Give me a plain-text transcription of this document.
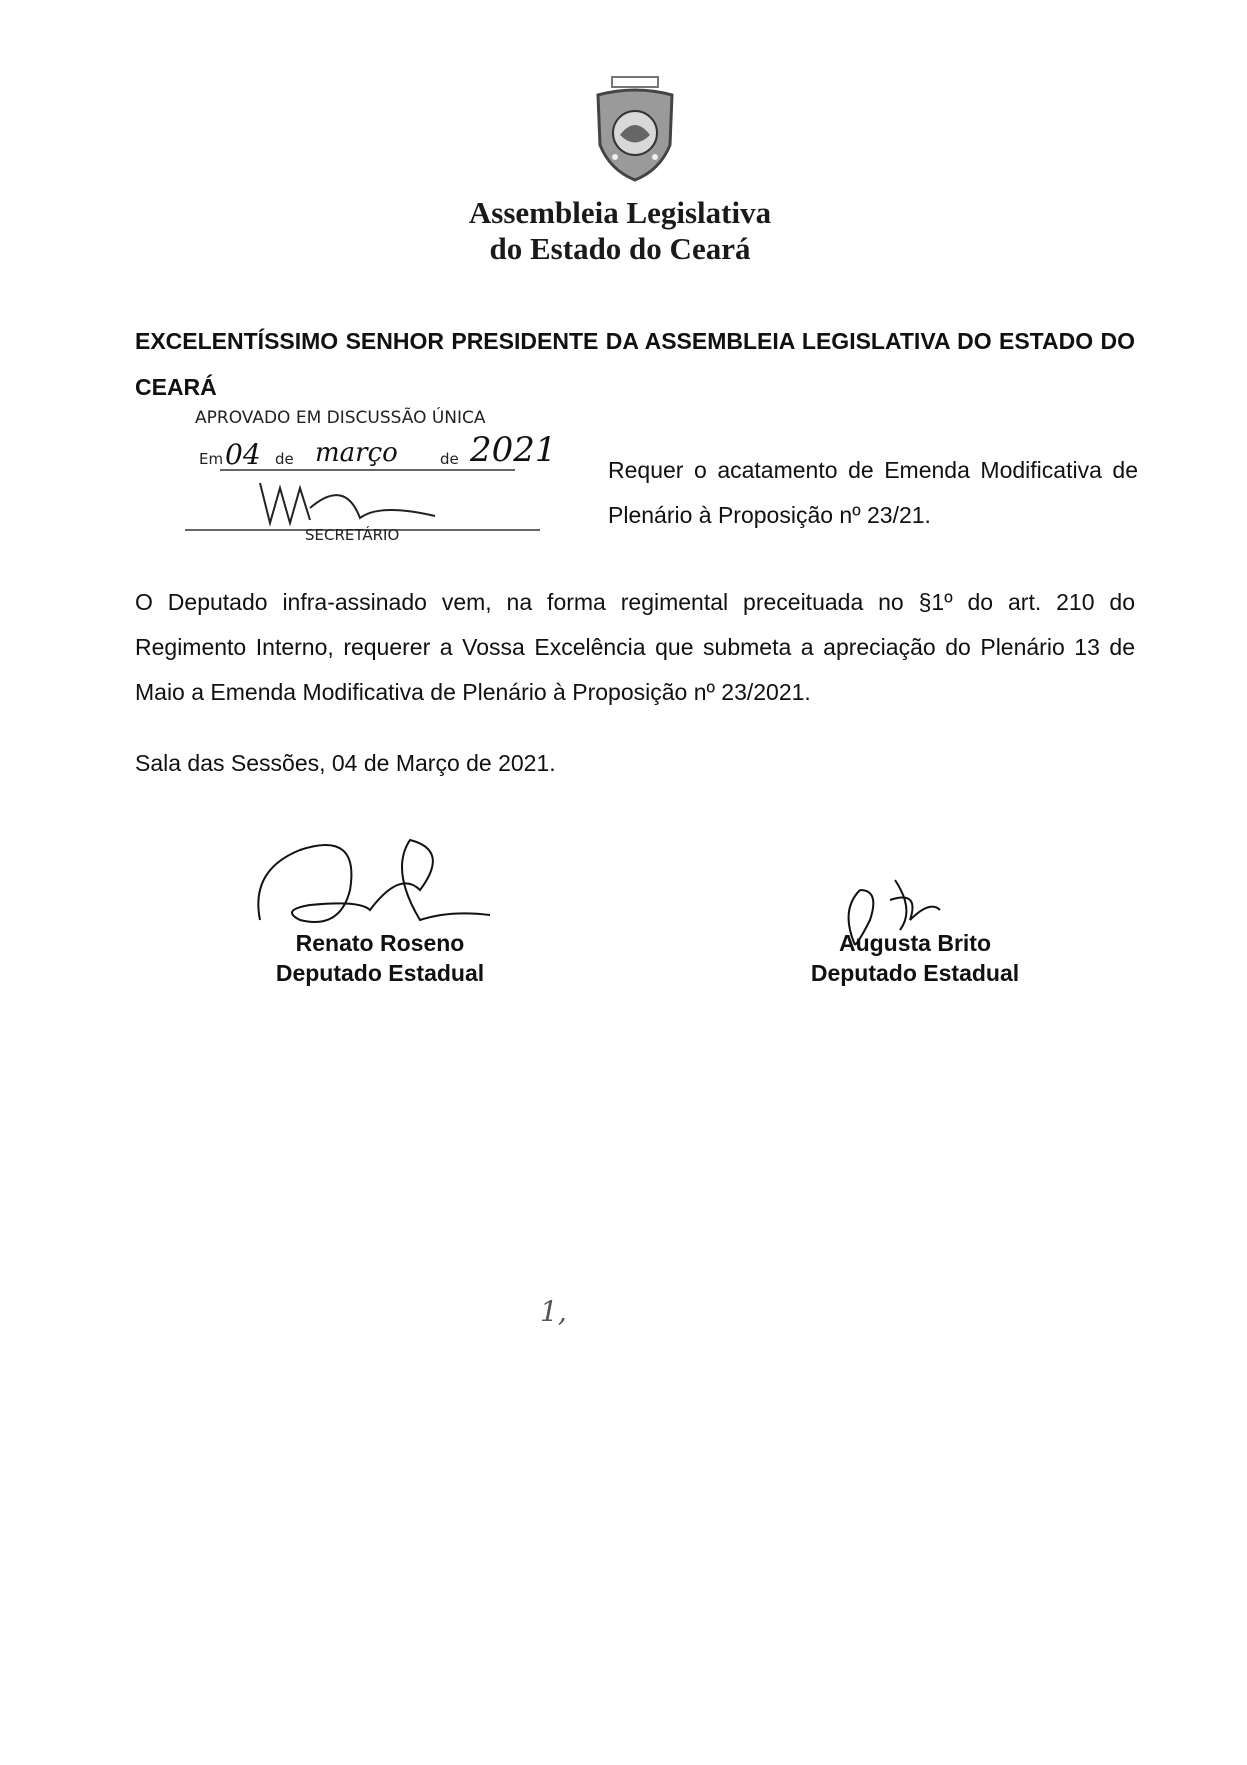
Assembleia Legislativa
do Estado do Ceará
EXCELENTÍSSIMO SENHOR PRESIDENTE DA ASSEMBLEIA LEGISLATIVA DO ESTADO DO CEARÁ
APROVADO EM DISCUSSÃO ÚNICA
Em 04 de março	de 2021
SECRETÁRIO
Requer o acatamento de Emenda Modificativa de Plenário à Proposição nº 23/21.
O Deputado infra-assinado vem, na forma regimental preceituada no §1º do art. 210 do Regimento Interno, requerer a Vossa Excelência que submeta a apreciação do Plenário 13 de Maio a Emenda Modificativa de Plenário à Proposição nº 23/2021.
Sala das Sessões, 04 de Março de 2021.
Renato Roseno
Deputado Estadual
Augusta Brito
Deputado Estadual
1,
